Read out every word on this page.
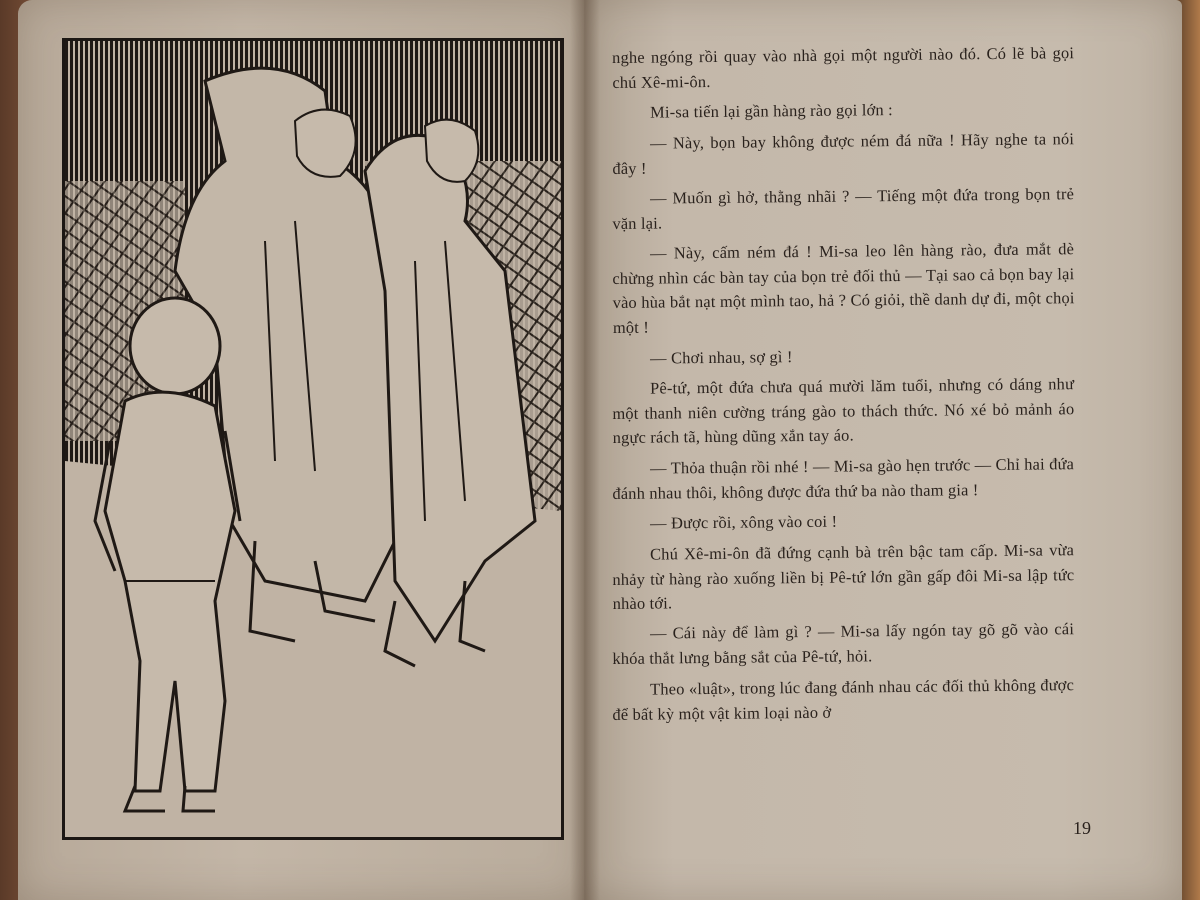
nghe ngóng rồi quay vào nhà gọi một người nào đó. Có lẽ bà gọi chú Xê-mi-ôn.

Mi-sa tiến lại gần hàng rào gọi lớn :

— Này, bọn bay không được ném đá nữa ! Hãy nghe ta nói đây !

— Muốn gì hở, thằng nhãi ? — Tiếng một đứa trong bọn trẻ vặn lại.

— Này, cấm ném đá ! Mi-sa leo lên hàng rào, đưa mắt dè chừng nhìn các bàn tay của bọn trẻ đối thủ — Tại sao cả bọn bay lại vào hùa bắt nạt một mình tao, hả ? Có giỏi, thề danh dự đi, một chọi một !

— Chơi nhau, sợ gì !

Pê-tứ, một đứa chưa quá mười lăm tuổi, nhưng có dáng như một thanh niên cường tráng gào to thách thức. Nó xé bỏ mảnh áo ngực rách tã, hùng dũng xắn tay áo.

— Thỏa thuận rồi nhé ! — Mi-sa gào hẹn trước — Chỉ hai đứa đánh nhau thôi, không được đứa thứ ba nào tham gia !

— Được rồi, xông vào coi !

Chú Xê-mi-ôn đã đứng cạnh bà trên bậc tam cấp. Mi-sa vừa nhảy từ hàng rào xuống liền bị Pê-tứ lớn gần gấp đôi Mi-sa lập tức nhào tới.

— Cái này để làm gì ? — Mi-sa lấy ngón tay gõ gõ vào cái khóa thắt lưng bằng sắt của Pê-tứ, hỏi.

Theo «luật», trong lúc đang đánh nhau các đối thủ không được để bất kỳ một vật kim loại nào ở

19
